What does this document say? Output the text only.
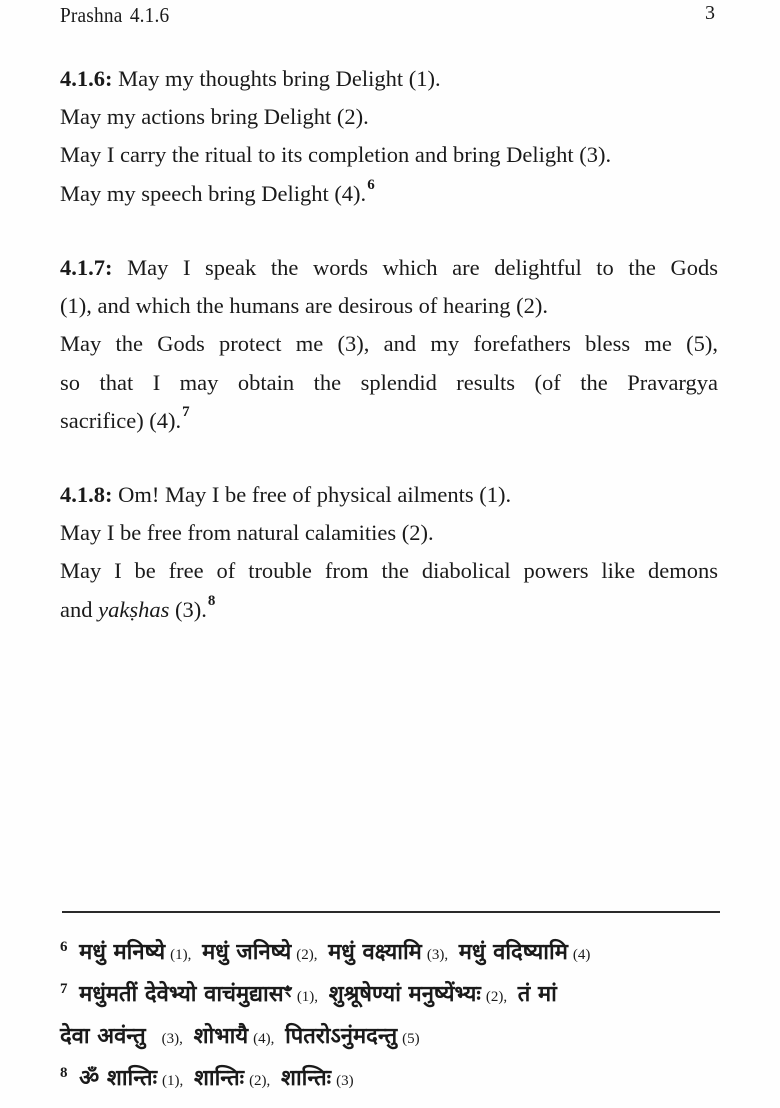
Prashna 4.1.6	3
4.1.6: May my thoughts bring Delight (1).
May my actions bring Delight (2).
May I carry the ritual to its completion and bring Delight (3).
May my speech bring Delight (4).$^6$
4.1.7: May I speak the words which are delightful to the Gods
(1), and which the humans are desirous of hearing (2).
May the Gods protect me (3), and my forefathers bless me (5),
so that I may obtain the splendid results (of the Pravargya
sacrifice) (4).$^7$
4.1.8: Om! May I be free of physical ailments (1).
May I be free from natural calamities (2).
May I be free of trouble from the diabolical powers like demons
and yakṣhas (3).$^8$
$^6$ मधुं मनिष्ये (1), मधुं जनिष्ये (2), मधुं वक्ष्यामि (3), मधुं वदिष्यामि (4)
$^7$ मधुंमतीं देवेभ्यो वाचंमुद्यासꣳ (1), शुश्रूषेण्यां मनुष्येंभ्यः (2), तं मां
देवा अवंन्तु (3), शोभायै (4), पितरोऽनुंमदन्तु (5)
$^8$ ॐ शान्तिः (1), शान्तिः (2), शान्तिः (3)
